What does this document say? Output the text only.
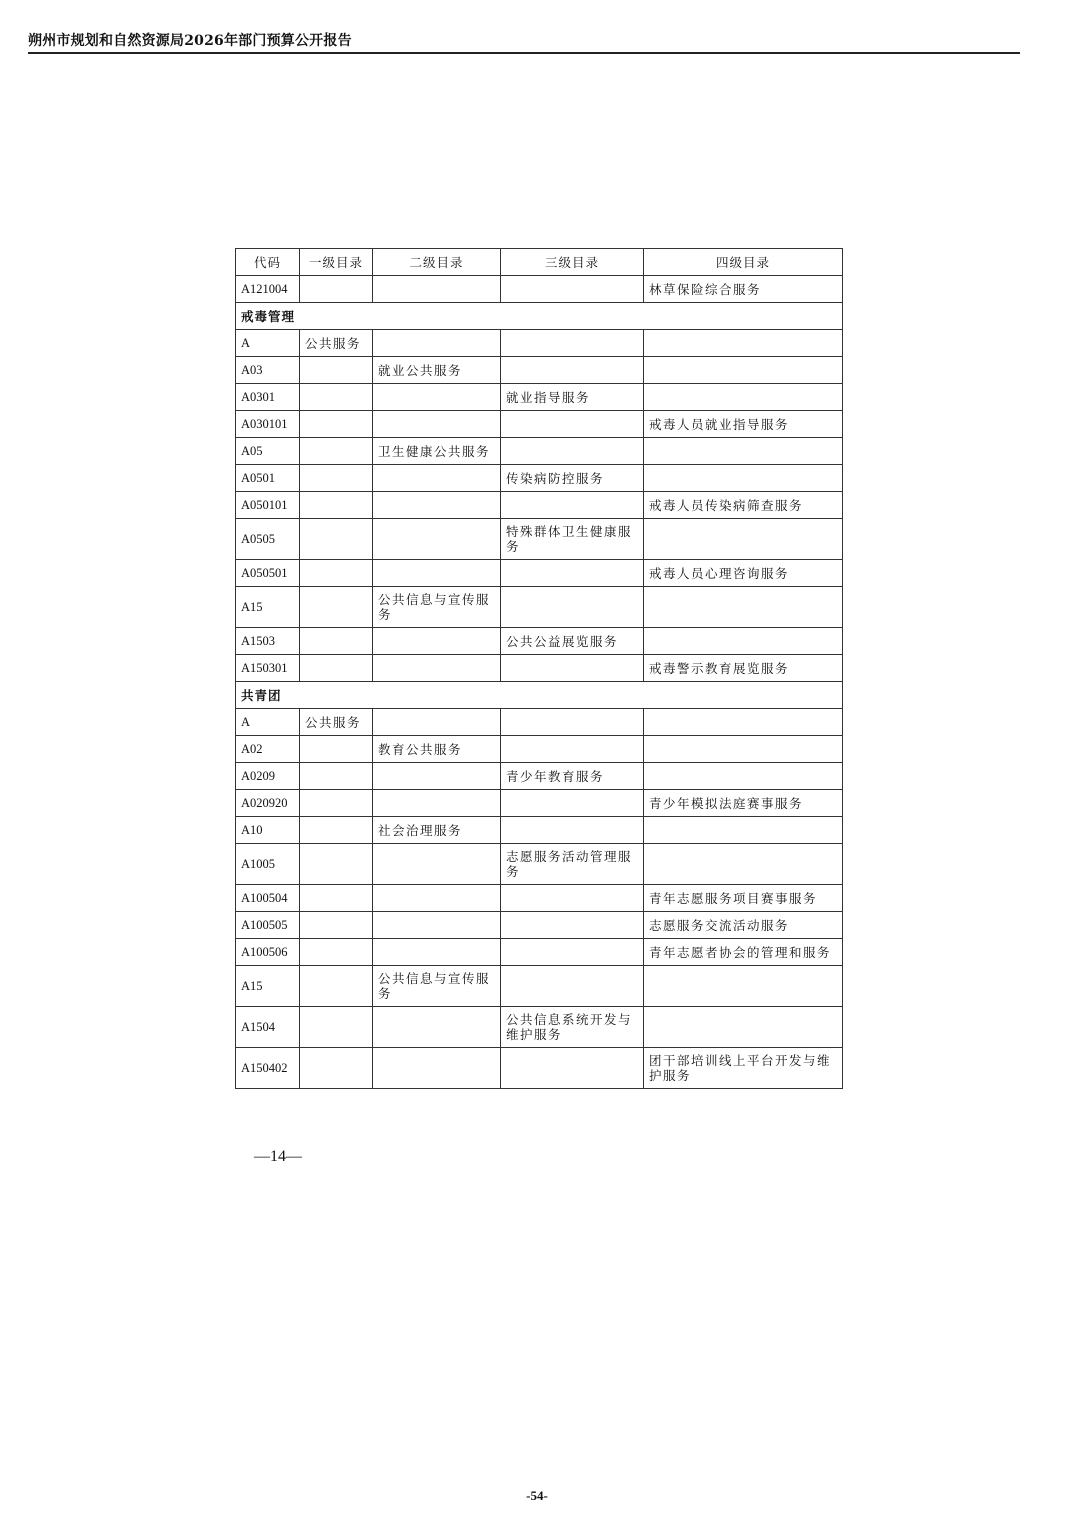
朔州市规划和自然资源局2026年部门预算公开报告
代码	一级目录	二级目录	三级目录	四级目录
A121004				林草保险综合服务
戒毒管理				
A	公共服务			
A03		就业公共服务		
A0301			就业指导服务	
A030101				戒毒人员就业指导服务
A05		卫生健康公共服务		
A0501			传染病防控服务	
A050101				戒毒人员传染病筛查服务
A0505			特殊群体卫生健康服务	
A050501				戒毒人员心理咨询服务
A15		公共信息与宣传服务		
A1503			公共公益展览服务	
A150301				戒毒警示教育展览服务
共青团				
A	公共服务			
A02		教育公共服务		
A0209			青少年教育服务	
A020920				青少年模拟法庭赛事服务
A10		社会治理服务		
A1005			志愿服务活动管理服务	
A100504				青年志愿服务项目赛事服务
A100505				志愿服务交流活动服务
A100506				青年志愿者协会的管理和服务
A15		公共信息与宣传服务		
A1504			公共信息系统开发与维护服务	
A150402				团干部培训线上平台开发与维护服务
—14—
-54-
